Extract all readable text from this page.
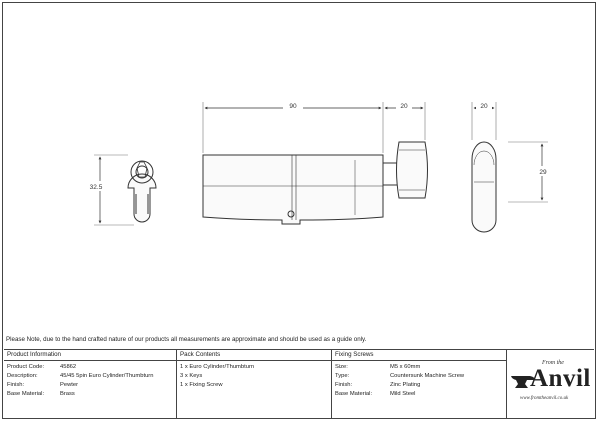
32.5
90	20	20
29
Please Note, due to the hand crafted nature of our products all measurements are approximate and should be used as a guide only.
Product Information
Product Code:	45862
Description:	45/45 5pin Euro Cylinder/Thumbturn
Finish:	Pewter
Base Material:	Brass
Pack Contents
1 x Euro Cylinder/Thumbturn
3 x Keys
1 x Fixing Screw
Fixing Screws
Size:	M5 x 60mm
Type:	Countersunk Machine Screw
Finish:	Zinc Plating
Base Material:	Mild Steel
From the
Anvil
www.fromtheanvil.co.uk
